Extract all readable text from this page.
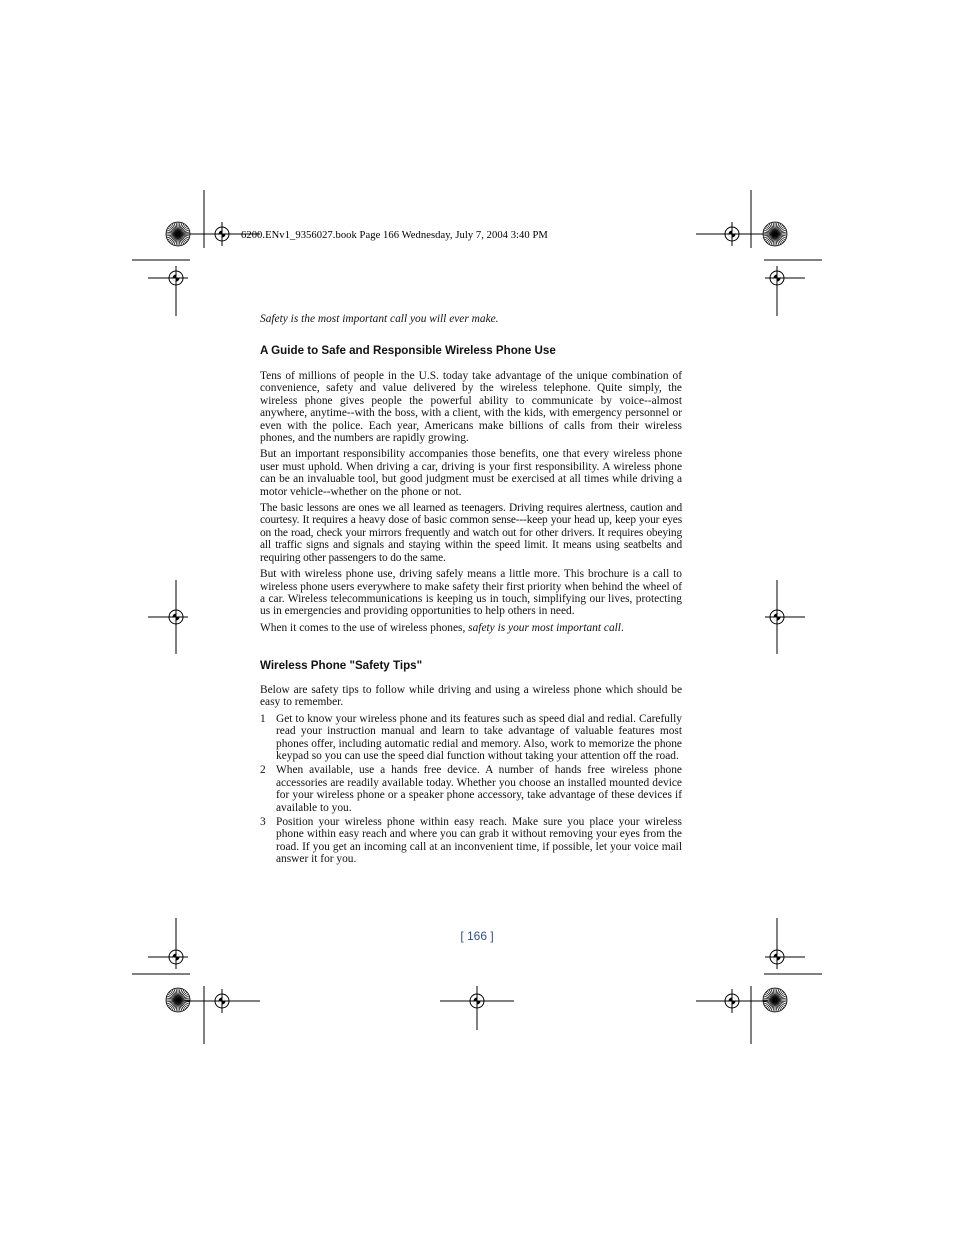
6200.ENv1_9356027.book Page 166 Wednesday, July 7, 2004 3:40 PM

Safety is the most important call you will ever make.

A Guide to Safe and Responsible Wireless Phone Use

Tens of millions of people in the U.S. today take advantage of the unique combination of convenience, safety and value delivered by the wireless telephone. Quite simply, the wireless phone gives people the powerful ability to communicate by voice--almost anywhere, anytime--with the boss, with a client, with the kids, with emergency personnel or even with the police. Each year, Americans make billions of calls from their wireless phones, and the numbers are rapidly growing.

But an important responsibility accompanies those benefits, one that every wireless phone user must uphold. When driving a car, driving is your first responsibility. A wireless phone can be an invaluable tool, but good judgment must be exercised at all times while driving a motor vehicle--whether on the phone or not.

The basic lessons are ones we all learned as teenagers. Driving requires alertness, caution and courtesy. It requires a heavy dose of basic common sense---keep your head up, keep your eyes on the road, check your mirrors frequently and watch out for other drivers. It requires obeying all traffic signs and signals and staying within the speed limit. It means using seatbelts and requiring other passengers to do the same.

But with wireless phone use, driving safely means a little more. This brochure is a call to wireless phone users everywhere to make safety their first priority when behind the wheel of a car. Wireless telecommunications is keeping us in touch, simplifying our lives, protecting us in emergencies and providing opportunities to help others in need.

When it comes to the use of wireless phones, safety is your most important call.

Wireless Phone "Safety Tips"

Below are safety tips to follow while driving and using a wireless phone which should be easy to remember.

1 Get to know your wireless phone and its features such as speed dial and redial. Carefully read your instruction manual and learn to take advantage of valuable features most phones offer, including automatic redial and memory. Also, work to memorize the phone keypad so you can use the speed dial function without taking your attention off the road.
2 When available, use a hands free device. A number of hands free wireless phone accessories are readily available today. Whether you choose an installed mounted device for your wireless phone or a speaker phone accessory, take advantage of these devices if available to you.
3 Position your wireless phone within easy reach. Make sure you place your wireless phone within easy reach and where you can grab it without removing your eyes from the road. If you get an incoming call at an inconvenient time, if possible, let your voice mail answer it for you.
[ 166 ]
